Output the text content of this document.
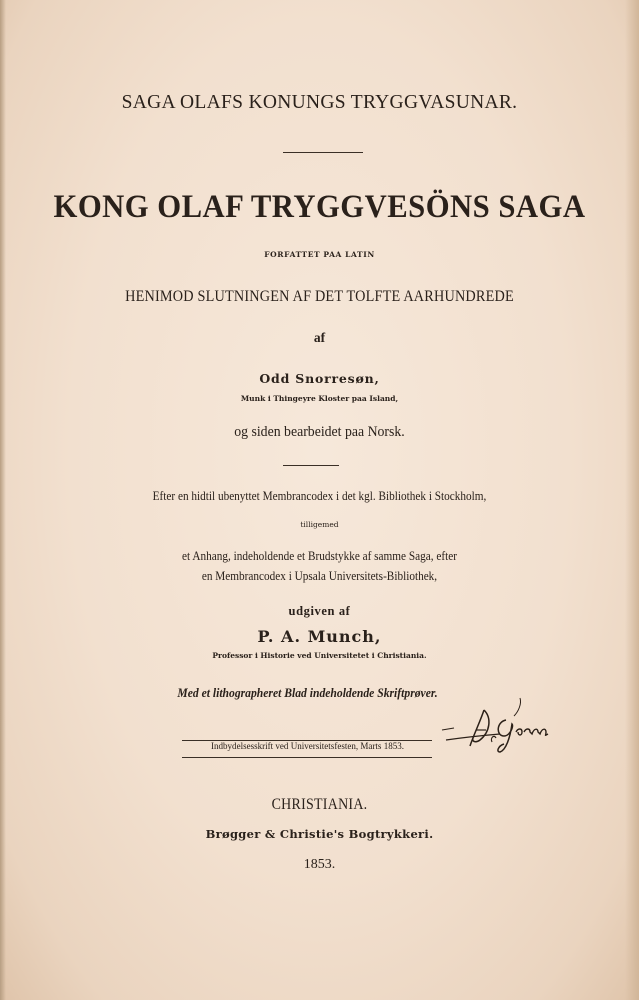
SAGA OLAFS KONUNGS TRYGGVASUNAR.
KONG OLAF TRYGGVESÖNS SAGA
FORFATTET PAA LATIN
HENIMOD SLUTNINGEN AF DET TOLFTE AARHUNDREDE
af
Odd Snorresøn,
Munk i Thingeyre Kloster paa Island,
og siden bearbeidet paa Norsk.
Efter en hidtil ubenyttet Membrancodex i det kgl. Bibliothek i Stockholm,
tilligemed
et Anhang, indeholdende et Brudstykke af samme Saga, efter
en Membrancodex i Upsala Universitets-Bibliothek,
udgiven af
P. A. Munch,
Professor i Historie ved Universitetet i Christiania.
Med et lithographeret Blad indeholdende Skriftprøver.
Indbydelsesskrift ved Universitetsfesten, Marts 1853.
CHRISTIANIA.
Brøgger & Christie's Bogtrykkeri.
1853.
